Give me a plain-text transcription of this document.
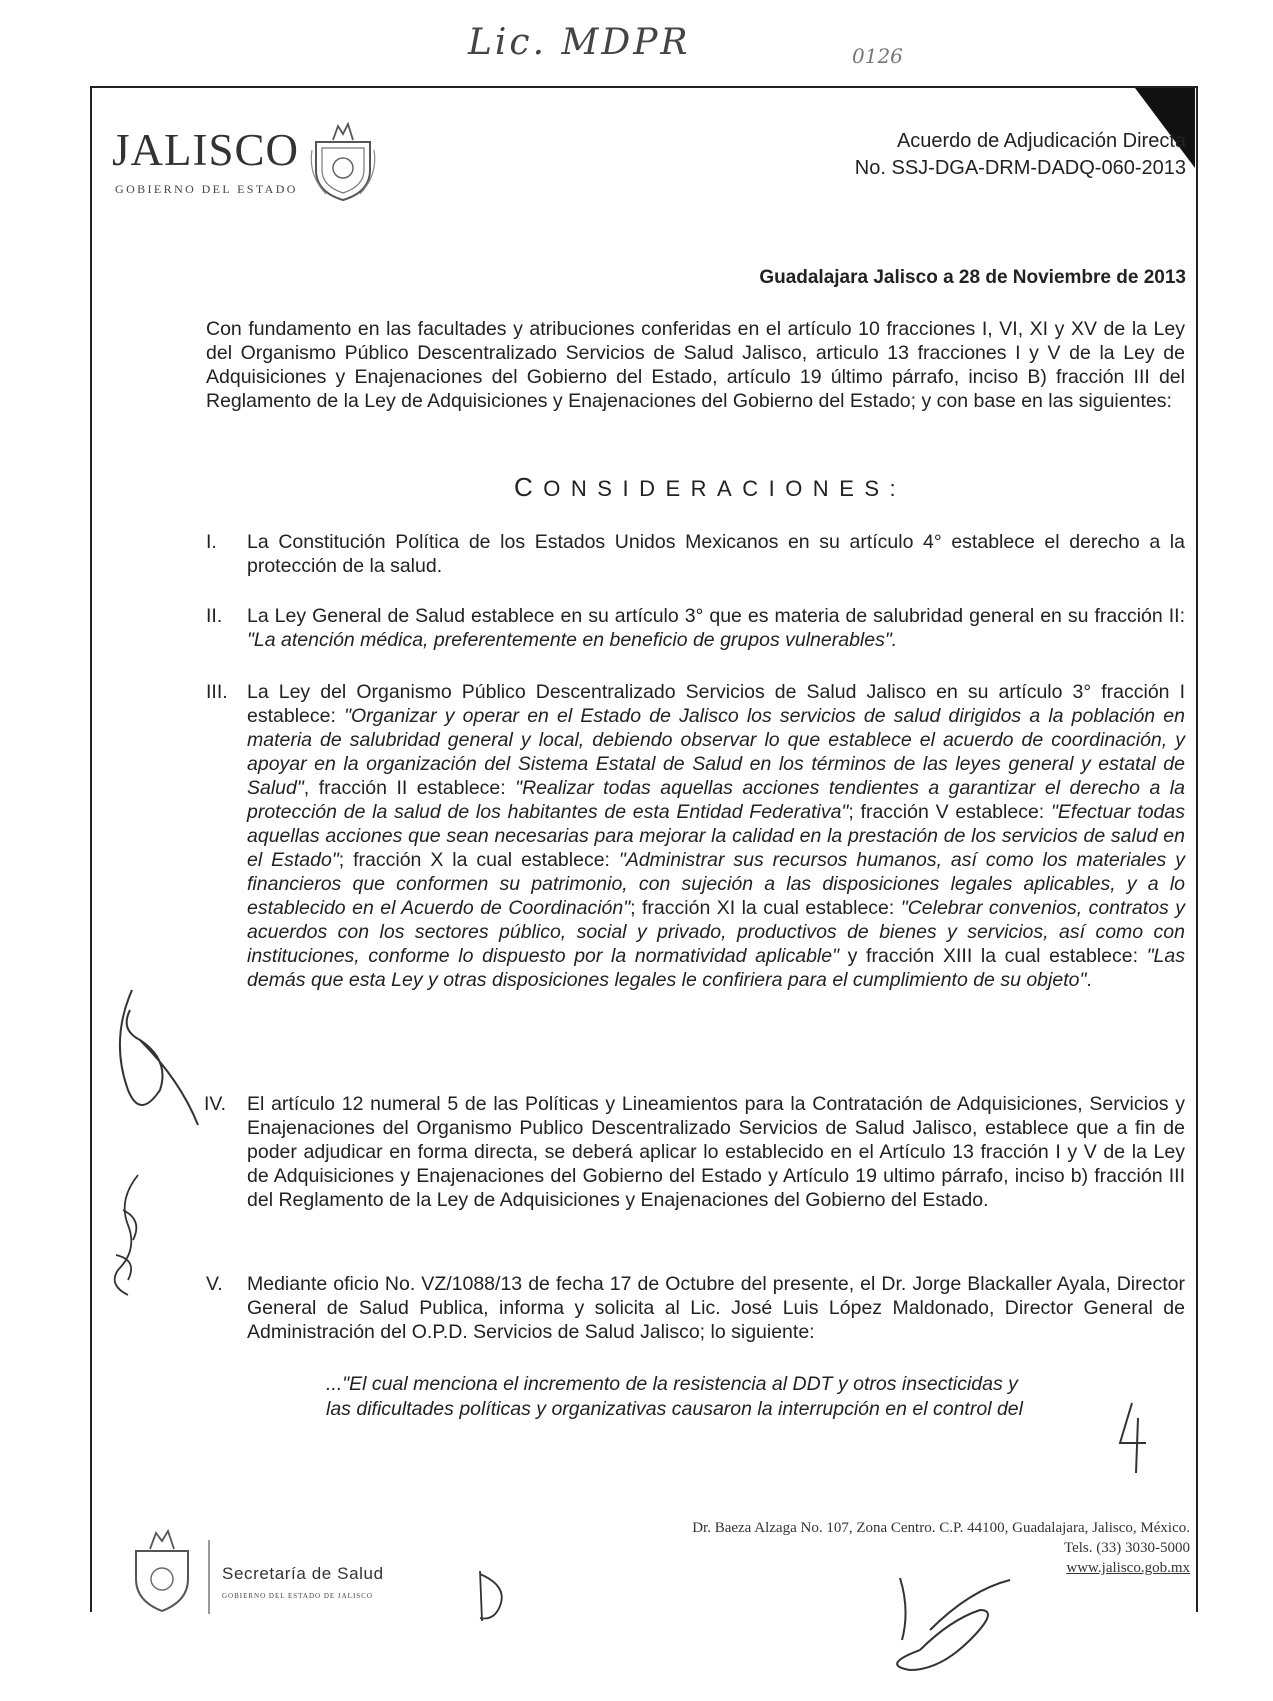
Lic. MDPR	0126
JALISCO
GOBIERNO DEL ESTADO
Acuerdo de Adjudicación Directa
No. SSJ-DGA-DRM-DADQ-060-2013
Guadalajara Jalisco a 28 de Noviembre de 2013
Con fundamento en las facultades y atribuciones conferidas en el artículo 10 fracciones I, VI, XI y XV de la Ley del Organismo Público Descentralizado Servicios de Salud Jalisco, articulo 13 fracciones I y V de la Ley de Adquisiciones y Enajenaciones del Gobierno del Estado, artículo 19 último párrafo, inciso B) fracción III del Reglamento de la Ley de Adquisiciones y Enajenaciones del Gobierno del Estado; y con base en las siguientes:
CONSIDERACIONES:
I.	La Constitución Política de los Estados Unidos Mexicanos en su artículo 4° establece el derecho a la protección de la salud.
II.	La Ley General de Salud establece en su artículo 3° que es materia de salubridad general en su fracción II: "La atención médica, preferentemente en beneficio de grupos vulnerables".
III. La Ley del Organismo Público Descentralizado Servicios de Salud Jalisco en su artículo 3° fracción I establece: "Organizar y operar en el Estado de Jalisco los servicios de salud dirigidos a la población en materia de salubridad general y local, debiendo observar lo que establece el acuerdo de coordinación, y apoyar en la organización del Sistema Estatal de Salud en los términos de las leyes general y estatal de Salud", fracción II establece: "Realizar todas aquellas acciones tendientes a garantizar el derecho a la protección de la salud de los habitantes de esta Entidad Federativa"; fracción V establece: "Efectuar todas aquellas acciones que sean necesarias para mejorar la calidad en la prestación de los servicios de salud en el Estado"; fracción X la cual establece: "Administrar sus recursos humanos, así como los materiales y financieros que conformen su patrimonio, con sujeción a las disposiciones legales aplicables, y a lo establecido en el Acuerdo de Coordinación"; fracción XI la cual establece: "Celebrar convenios, contratos y acuerdos con los sectores público, social y privado, productivos de bienes y servicios, así como con instituciones, conforme lo dispuesto por la normatividad aplicable" y fracción XIII la cual establece: "Las demás que esta Ley y otras disposiciones legales le confiriera para el cumplimiento de su objeto".
IV.	El artículo 12 numeral 5 de las Políticas y Lineamientos para la Contratación de Adquisiciones, Servicios y Enajenaciones del Organismo Publico Descentralizado Servicios de Salud Jalisco, establece que a fin de poder adjudicar en forma directa, se deberá aplicar lo establecido en el Artículo 13 fracción I y V de la Ley de Adquisiciones y Enajenaciones del Gobierno del Estado y Artículo 19 ultimo párrafo, inciso b) fracción III del Reglamento de la Ley de Adquisiciones y Enajenaciones del Gobierno del Estado.
V.	Mediante oficio No. VZ/1088/13 de fecha 17 de Octubre del presente, el Dr. Jorge Blackaller Ayala, Director General de Salud Publica, informa y solicita al Lic. José Luis López Maldonado, Director General de Administración del O.P.D. Servicios de Salud Jalisco; lo siguiente:
..."El cual menciona el incremento de la resistencia al DDT y otros insecticidas y
las dificultades políticas y organizativas causaron la interrupción en el control del
Secretaría de Salud
GOBIERNO DEL ESTADO DE JALISCO
Dr. Baeza Alzaga No. 107, Zona Centro. C.P. 44100, Guadalajara, Jalisco, México.
Tels. (33) 3030-5000
www.jalisco.gob.mx
